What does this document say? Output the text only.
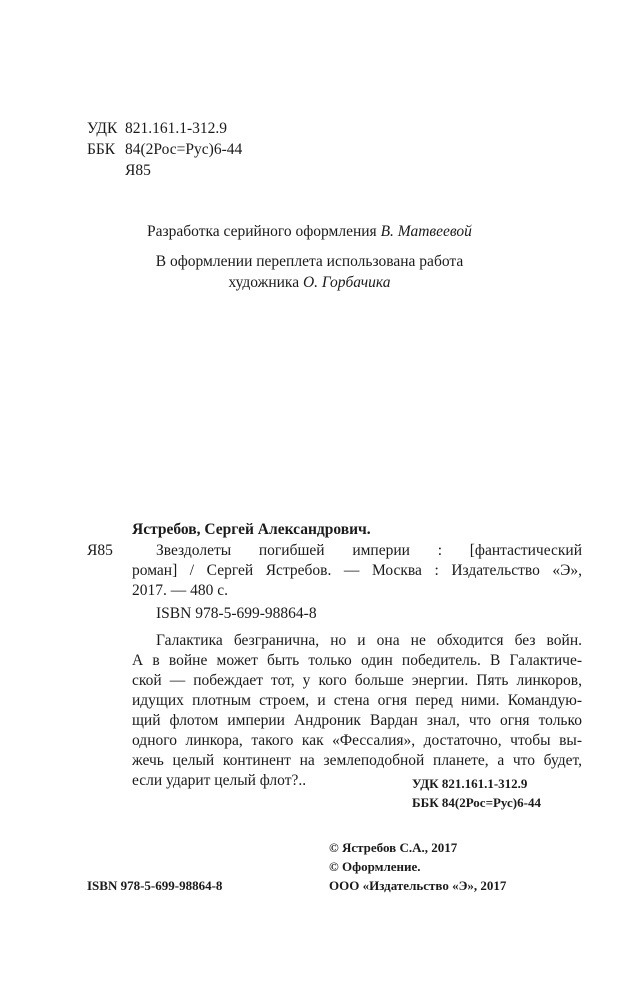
УДК 821.161.1-312.9
ББК 84(2Рос=Рус)6-44
Я85
Разработка серийного оформления В. Матвеевой
В оформлении переплета использована работа
художника О. Горбачика
Ястребов, Сергей Александрович.
Я85	Звездолеты погибшей империи : [фантастический
роман] / Сергей Ястребов. — Москва : Издательство «Э»,
2017. — 480 с.
ISBN 978-5-699-98864-8
Галактика безгранична, но и она не обходится без войн.
А в войне может быть только один победитель. В Галактиче-
ской — побеждает тот, у кого больше энергии. Пять линкоров,
идущих плотным строем, и стена огня перед ними. Командую-
щий флотом империи Андроник Вардан знал, что огня только
одного линкора, такого как «Фессалия», достаточно, чтобы вы-
жечь целый континент на землеподобной планете, а что будет,
если ударит целый флот?..	УДК 821.161.1-312.9
ББК 84(2Рос=Рус)6-44
© Ястребов С.А., 2017
© Оформление.
ООО «Издательство «Э», 2017
ISBN 978-5-699-98864-8
